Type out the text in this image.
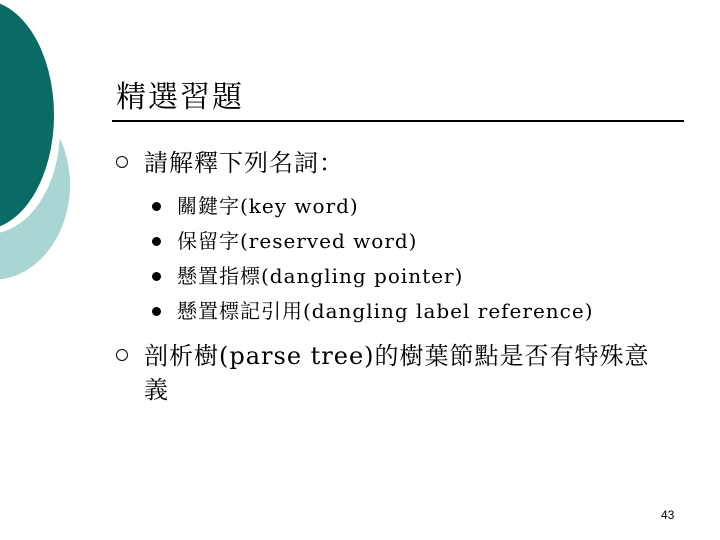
精選習題
請解釋下列名詞：
關鍵字(key word)
保留字(reserved word)
懸置指標(dangling pointer)
懸置標記引用(dangling label reference)
剖析樹(parse tree)的樹葉節點是否有特殊意義
43
